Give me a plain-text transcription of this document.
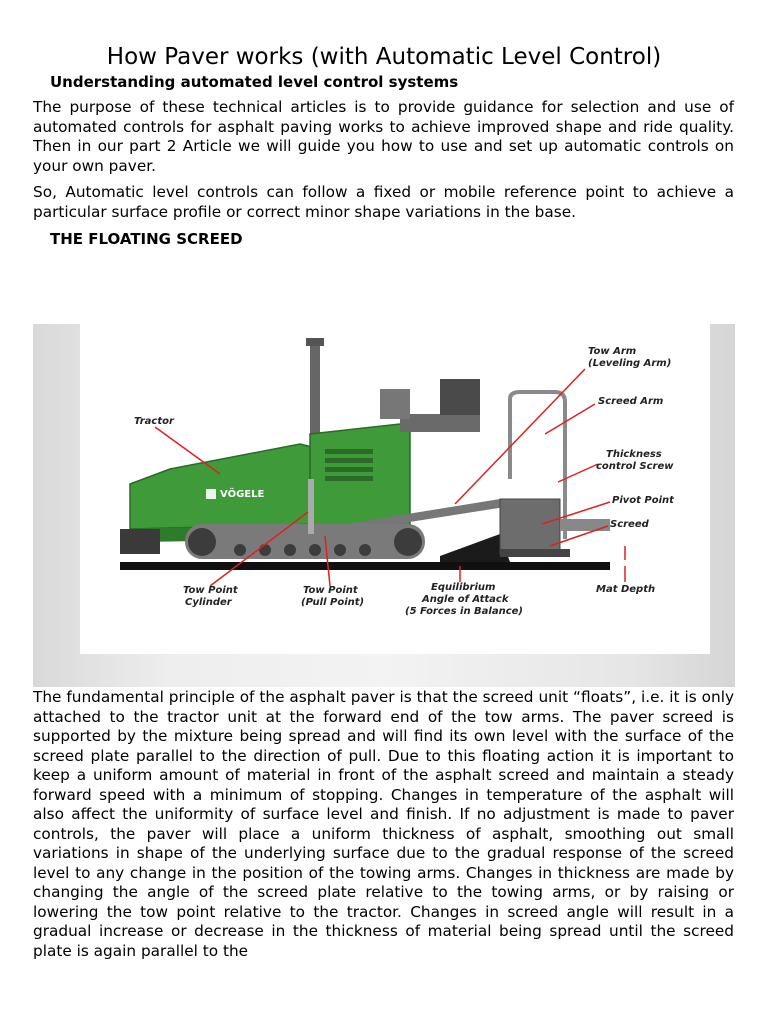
How Paver works (with Automatic Level Control)
Understanding automated level control systems

The purpose of these technical articles is to provide guidance for selection and use of automated controls for asphalt paving works to achieve improved shape and ride quality. Then in our part 2 Article we will guide you how to use and set up automatic controls on your own paver.

So, Automatic level controls can follow a fixed or mobile reference point to achieve a particular surface profile or correct minor shape variations in the base.

THE FLOATING SCREED
VÖGELE
Tractor
Tow Arm
(Leveling Arm)
Screed Arm
Thickness
control Screw
Pivot Point
Screed
Mat Depth
Tow Point
Cylinder
Tow Point
(Pull Point)
Equilibrium
Angle of Attack
(5 Forces in Balance)

The fundamental principle of the asphalt paver is that the screed unit “floats”, i.e. it is only attached to the tractor unit at the forward end of the tow arms. The paver screed is supported by the mixture being spread and will find its own level with the surface of the screed plate parallel to the direction of pull. Due to this floating action it is important to keep a uniform amount of material in front of the asphalt screed and maintain a steady forward speed with a minimum of stopping. Changes in temperature of the asphalt will also affect the uniformity of surface level and finish. If no adjustment is made to paver controls, the paver will place a uniform thickness of asphalt, smoothing out small variations in shape of the underlying surface due to the gradual response of the screed level to any change in the position of the towing arms. Changes in thickness are made by changing the angle of the screed plate relative to the towing arms, or by raising or lowering the tow point relative to the tractor. Changes in screed angle will result in a gradual increase or decrease in the thickness of material being spread until the screed plate is again parallel to the
